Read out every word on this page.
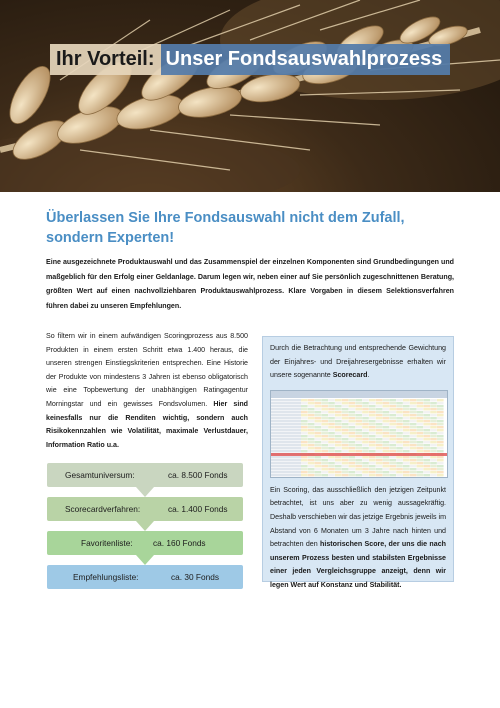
Ihr Vorteil: Unser Fondsauswahlprozess
Überlassen Sie Ihre Fondsauswahl nicht dem Zufall,
sondern Experten!
Eine ausgezeichnete Produktauswahl und das Zusammenspiel der einzelnen Komponenten sind Grundbedingungen und maßgeblich für den Erfolg einer Geldanlage. Darum legen wir, neben einer auf Sie persönlich zugeschnittenen Beratung, größten Wert auf einen nachvollziehbaren Produktauswahlprozess. Klare Vorgaben in diesem Selektionsverfahren führen dabei zu unseren Empfehlungen.
So filtern wir in einem aufwändigen Scoringprozess aus 8.500 Produkten in einem ersten Schritt etwa 1.400 heraus, die unseren strengen Einstiegskriterien entsprechen. Eine Historie der Produkte von mindestens 3 Jahren ist ebenso obligatorisch wie eine Topbewertung der unabhängigen Ratingagentur Morningstar und ein gewisses Fondsvolumen. Hier sind keinesfalls nur die Renditen wichtig, sondern auch Risikokennzahlen wie Volatilität, maximale Verlustdauer, Information Ratio u.a.
Gesamtuniversum:	ca. 8.500 Fonds
Scorecardverfahren:	ca. 1.400 Fonds
Favoritenliste: ca. 160 Fonds
Empfehlungsliste:	ca. 30 Fonds

Durch die Betrachtung und entsprechende Gewichtung der Einjahres- und Dreijahresergebnisse erhalten wir unsere sogenannte Scorecard.

Ein Scoring, das ausschließlich den jetzigen Zeitpunkt betrachtet, ist uns aber zu wenig aussagekräftig. Deshalb verschieben wir das jetzige Ergebnis jeweils im Abstand von 6 Monaten um 3 Jahre nach hinten und betrachten den historischen Score, der uns die nach unserem Prozess besten und stabilsten Ergebnisse einer jeden Vergleichsgruppe anzeigt, denn wir legen Wert auf Konstanz und Stabilität.
